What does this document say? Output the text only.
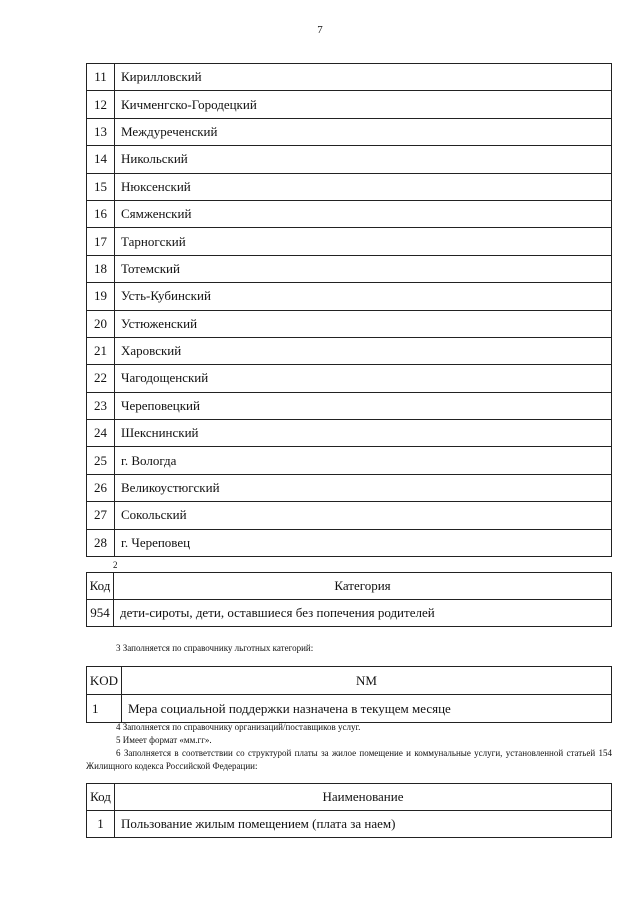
7
11	Кирилловский
12	Кичменгско-Городецкий
13	Междуреченский
14	Никольский
15	Нюксенский
16	Сямженский
17	Тарногский
18	Тотемский
19	Усть-Кубинский
20	Устюженский
21	Харовский
22	Чагодощенский
23	Череповецкий
24	Шекснинский
25	г. Вологда
26	Великоустюгский
27	Сокольский
28	г. Череповец
2
Код	Категория
954	дети-сироты, дети, оставшиеся без попечения родителей
3 Заполняется по справочнику льготных категорий:
KOD	NM
1	Мера социальной поддержки назначена в текущем месяце

4 Заполняется по справочнику организаций/поставщиков услуг.

5 Имеет формат «мм.гг».

6 Заполняется в соответствии со структурой платы за жилое помещение и коммунальные услуги, установленной статьей 154 Жилищного кодекса Российской Федерации:

Код	Наименование
1	Пользование жилым помещением (плата за наем)
